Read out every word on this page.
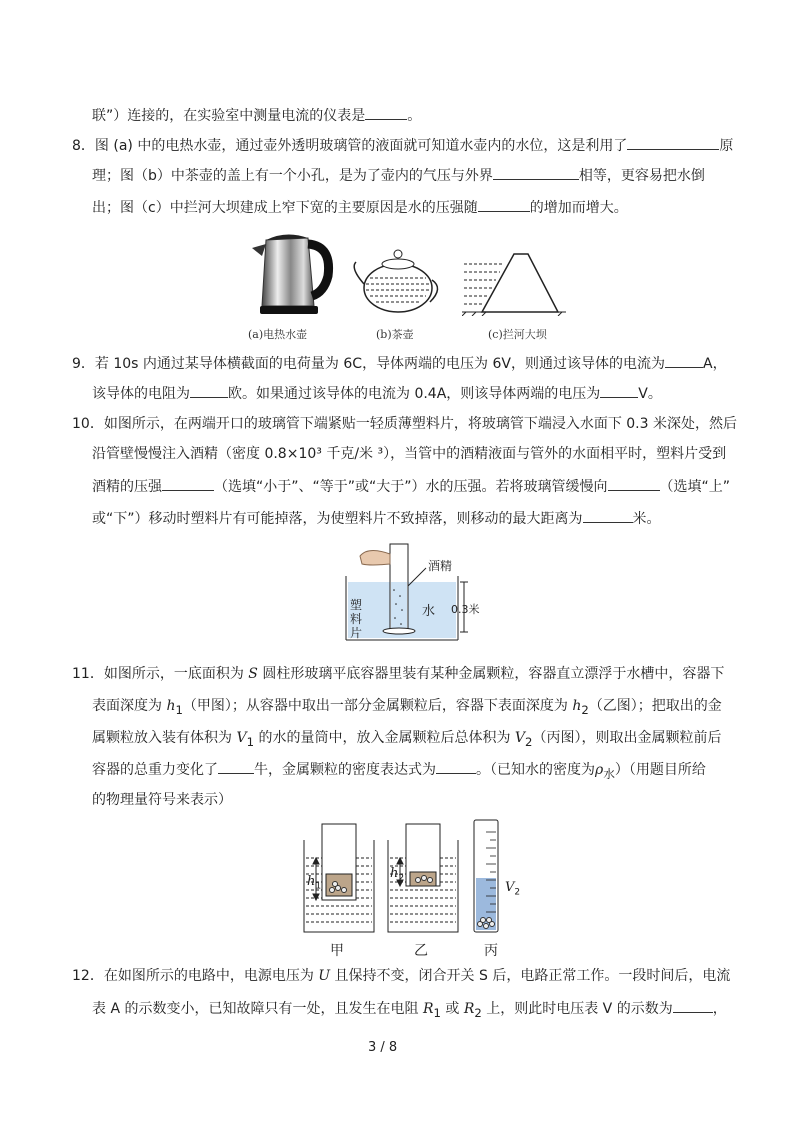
联”）连接的，在实验室中测量电流的仪表是	。
8．图 (a) 中的电热水壶，通过壶外透明玻璃管的液面就可知道水壶内的水位，这是利用了	原
理；图（b）中茶壶的盖上有一个小孔，是为了壶内的气压与外界	相等，更容易把水倒
出；图（c）中拦河大坝建成上窄下宽的主要原因是水的压强随	的增加而增大。
(a)电热水壶	(b)茶壶	(c)拦河大坝
9．若 10s 内通过某导体横截面的电荷量为 6C，导体两端的电压为 6V，则通过该导体的电流为	A，
该导体的电阻为	欧。如果通过该导体的电流为 0.4A，则该导体两端的电压为	V。
10．如图所示，在两端开口的玻璃管下端紧贴一轻质薄塑料片，将玻璃管下端浸入水面下 0.3 米深处，然后
沿管壁慢慢注入酒精（密度 0.8×10³ 千克/米 ³），当管中的酒精液面与管外的水面相平时，塑料片受到
酒精的压强	（选填“小于”、“等于”或“大于”）水的压强。若将玻璃管缓慢向	（选填“上”
或“下”）移动时塑料片有可能掉落，为使塑料片不致掉落，则移动的最大距离为	米。
酒精
水 0.3米
塑料片
11．如图所示，一底面积为 S 圆柱形玻璃平底容器里装有某种金属颗粒，容器直立漂浮于水槽中，容器下
表面深度为 $h_1$（甲图）；从容器中取出一部分金属颗粒后，容器下表面深度为 $h_2$（乙图）；把取出的金
属颗粒放入装有体积为 $V_1$ 的水的量筒中，放入金属颗粒后总体积为 $V_2$（丙图），则取出金属颗粒前后
容器的总重力变化了	牛，金属颗粒的密度表达式为	。（已知水的密度为$\rho_水$）（用题目所给
的物理量符号来表示）
$h_1$
$h_2$
$V_2$
甲	乙	丙
12．在如图所示的电路中，电源电压为 U 且保持不变，闭合开关 S 后，电路正常工作。一段时间后，电流
表 A 的示数变小，已知故障只有一处，且发生在电阻 $R_1$ 或 $R_2$ 上，则此时电压表 V 的示数为	，
3 / 8
